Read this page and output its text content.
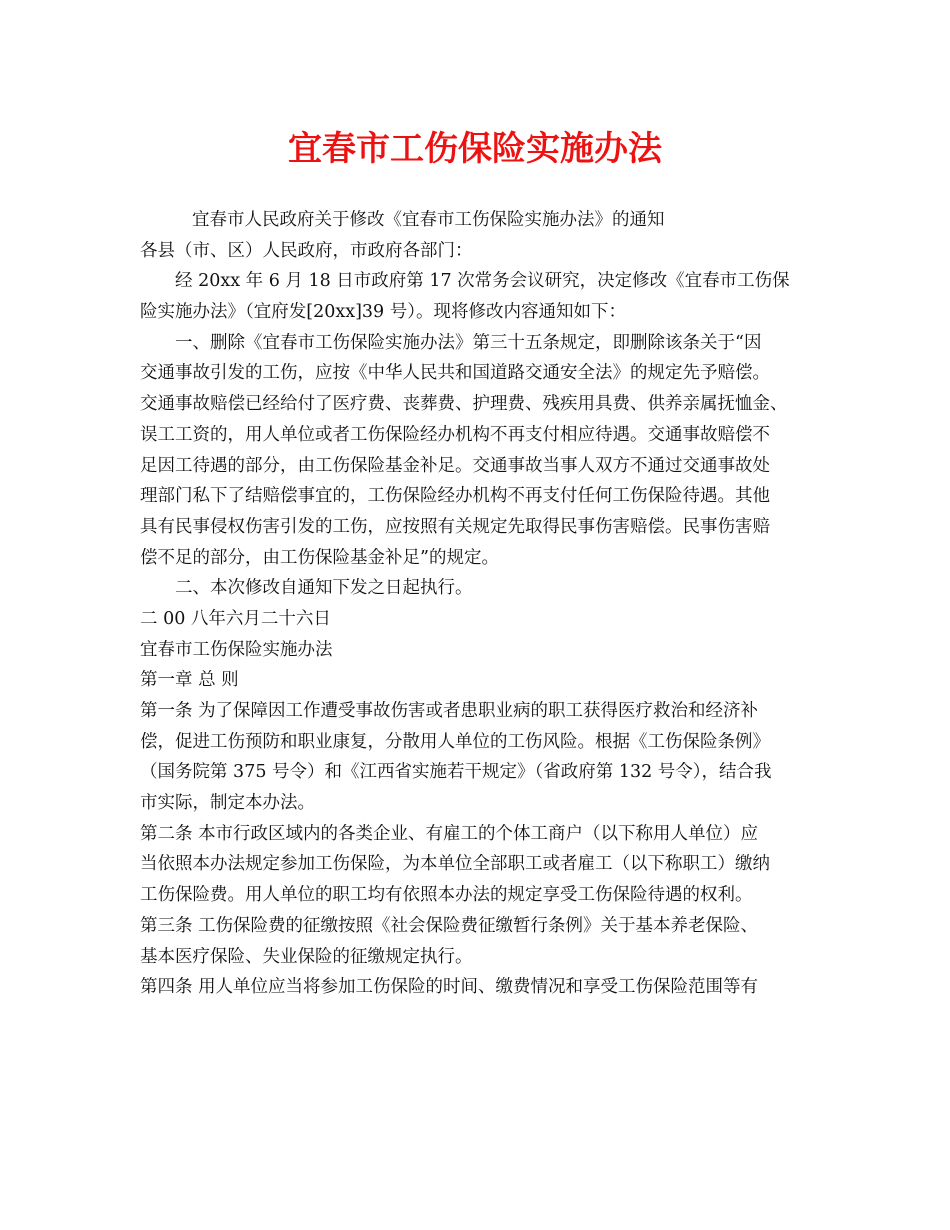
宜春市工伤保险实施办法
宜春市人民政府关于修改《宜春市工伤保险实施办法》的通知
各县（市、区）人民政府，市政府各部门：
经 20xx 年 6 月 18 日市政府第 17 次常务会议研究，决定修改《宜春市工伤保
险实施办法》（宜府发[20xx]39 号）。现将修改内容通知如下：
一、删除《宜春市工伤保险实施办法》第三十五条规定，即删除该条关于“因
交通事故引发的工伤，应按《中华人民共和国道路交通安全法》的规定先予赔偿。
交通事故赔偿已经给付了医疗费、丧葬费、护理费、残疾用具费、供养亲属抚恤金、
误工工资的，用人单位或者工伤保险经办机构不再支付相应待遇。交通事故赔偿不
足因工待遇的部分，由工伤保险基金补足。交通事故当事人双方不通过交通事故处
理部门私下了结赔偿事宜的，工伤保险经办机构不再支付任何工伤保险待遇。其他
具有民事侵权伤害引发的工伤，应按照有关规定先取得民事伤害赔偿。民事伤害赔
偿不足的部分，由工伤保险基金补足”的规定。
二、本次修改自通知下发之日起执行。
二 00 八年六月二十六日
宜春市工伤保险实施办法
第一章 总 则
第一条 为了保障因工作遭受事故伤害或者患职业病的职工获得医疗救治和经济补
偿，促进工伤预防和职业康复，分散用人单位的工伤风险。根据《工伤保险条例》
（国务院第 375 号令）和《江西省实施若干规定》（省政府第 132 号令），结合我
市实际，制定本办法。
第二条 本市行政区域内的各类企业、有雇工的个体工商户（以下称用人单位）应
当依照本办法规定参加工伤保险，为本单位全部职工或者雇工（以下称职工）缴纳
工伤保险费。用人单位的职工均有依照本办法的规定享受工伤保险待遇的权利。
第三条 工伤保险费的征缴按照《社会保险费征缴暂行条例》关于基本养老保险、
基本医疗保险、失业保险的征缴规定执行。
第四条 用人单位应当将参加工伤保险的时间、缴费情况和享受工伤保险范围等有
